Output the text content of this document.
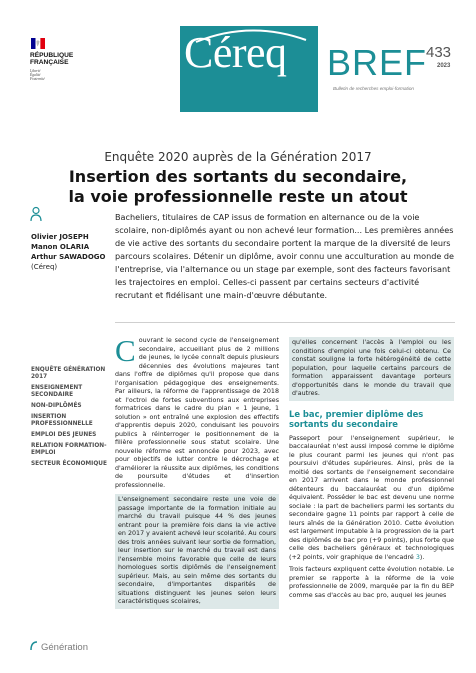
RÉPUBLIQUE
FRANÇAISE
Liberté
Égalité
Fraternité
Céreq BREF
433
2023
Bulletin de recherches emploi-formation
Enquête 2020 auprès de la Génération 2017
Insertion des sortants du secondaire,
la voie professionnelle reste un atout
Olivier JOSEPH
Manon OLARIA
Arthur SAWADOGO
(Céreq)

Bacheliers, titulaires de CAP issus de formation en alternance ou de la voie scolaire, non-diplômés ayant ou non achevé leur formation... Les premières années de vie active des sortants du secondaire portent la marque de la diversité de leurs parcours scolaires. Détenir un diplôme, avoir connu une acculturation au monde de l'entreprise, via l'alternance ou un stage par exemple, sont des facteurs favorisant les trajectoires en emploi. Celles-ci passent par certains secteurs d'activité recrutant et fidélisant une main-d'œuvre débutante.

ENQUÊTE GÉNÉRATION 2017
ENSEIGNEMENT SECONDAIRE
NON-DIPLÔMÉS
INSERTION PROFESSIONNELLE
EMPLOI DES JEUNES
RELATION FORMATION-EMPLOI
SECTEUR ÉCONOMIQUE

Couvrant le second cycle de l'enseignement secondaire, accueillant plus de 2 millions de jeunes, le lycée connaît depuis plusieurs décennies des évolutions majeures tant dans l'offre de diplômes qu'il propose que dans l'organisation pédagogique des enseignements. Par ailleurs, la réforme de l'apprentissage de 2018 et l'octroi de fortes subventions aux entreprises formatrices dans le cadre du plan « 1 jeune, 1 solution » ont entraîné une explosion des effectifs d'apprentis depuis 2020, conduisant les pouvoirs publics à réinterroger le positionnement de la filière professionnelle sous statut scolaire. Une nouvelle réforme est annoncée pour 2023, avec pour objectifs de lutter contre le décrochage et d'améliorer la réussite aux diplômes, les conditions de poursuite d'études et d'insertion professionnelle.

L'enseignement secondaire reste une voie de passage importante de la formation initiale au marché du travail puisque 44 % des jeunes entrant pour la première fois dans la vie active en 2017 y avaient achevé leur scolarité. Au cours des trois années suivant leur sortie de formation, leur insertion sur le marché du travail est dans l'ensemble moins favorable que celle de leurs homologues sortis diplômés de l'enseignement supérieur. Mais, au sein même des sortants du secondaire, d'importantes disparités de situations distinguent les jeunes selon leurs caractéristiques scolaires,

qu'elles concernent l'accès à l'emploi ou les conditions d'emploi une fois celui-ci obtenu. Ce constat souligne la forte hétérogénéité de cette population, pour laquelle certains parcours de formation apparaissent davantage porteurs d'opportunités dans le monde du travail que d'autres.

Le bac, premier diplôme des sortants du secondaire

Passeport pour l'enseignement supérieur, le baccalauréat n'est aussi imposé comme le diplôme le plus courant parmi les jeunes qui n'ont pas poursuivi d'études supérieures. Ainsi, près de la moitié des sortants de l'enseignement secondaire en 2017 arrivent dans le monde professionnel détenteurs du baccalauréat ou d'un diplôme équivalent. Posséder le bac est devenu une norme sociale : la part de bacheliers parmi les sortants du secondaire gagne 11 points par rapport à celle de leurs aînés de la Génération 2010. Cette évolution est largement imputable à la progression de la part des diplômés de bac pro (+9 points), plus forte que celle des bacheliers généraux et technologiques (+2 points, voir graphique de l'encadré 3).

Trois facteurs expliquent cette évolution notable. Le premier se rapporte à la réforme de la voie professionnelle de 2009, marquée par la fin du BEP comme sas d'accès au bac pro, auquel les jeunes

Génération
